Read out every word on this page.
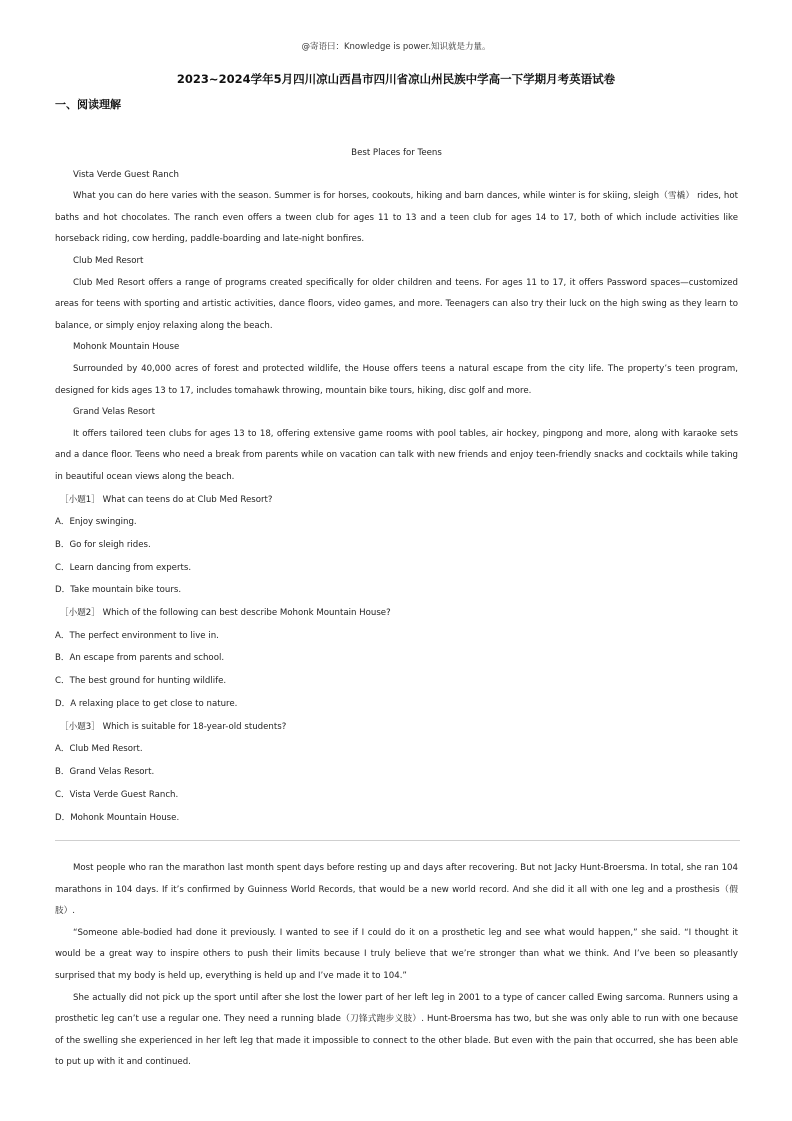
@寄语曰：Knowledge is power.知识就是力量。
2023~2024学年5月四川凉山西昌市四川省凉山州民族中学高一下学期月考英语试卷
一、阅读理解

Best Places for Teens

Vista Verde Guest Ranch

What you can do here varies with the season. Summer is for horses, cookouts, hiking and barn dances, while winter is for skiing, sleigh（雪橇） rides, hot baths and hot chocolates. The ranch even offers a tween club for ages 11 to 13 and a teen club for ages 14 to 17, both of which include activities like horseback riding, cow herding, paddle-boarding and late-night bonfires.

Club Med Resort

Club Med Resort offers a range of programs created specifically for older children and teens. For ages 11 to 17, it offers Password spaces—customized areas for teens with sporting and artistic activities, dance floors, video games, and more. Teenagers can also try their luck on the high swing as they learn to balance, or simply enjoy relaxing along the beach.

Mohonk Mountain House

Surrounded by 40,000 acres of forest and protected wildlife, the House offers teens a natural escape from the city life. The property’s teen program, designed for kids ages 13 to 17, includes tomahawk throwing, mountain bike tours, hiking, disc golf and more.

Grand Velas Resort

It offers tailored teen clubs for ages 13 to 18, offering extensive game rooms with pool tables, air hockey, pingpong and more, along with karaoke sets and a dance floor. Teens who need a break from parents while on vacation can talk with new friends and enjoy teen-friendly snacks and cocktails while taking in beautiful ocean views along the beach.

［小题1］ What can teens do at Club Med Resort?

A．Enjoy swinging.

B．Go for sleigh rides.

C．Learn dancing from experts.

D．Take mountain bike tours.

［小题2］ Which of the following can best describe Mohonk Mountain House?

A．The perfect environment to live in.

B．An escape from parents and school.

C．The best ground for hunting wildlife.

D．A relaxing place to get close to nature.

［小题3］ Which is suitable for 18-year-old students?

A．Club Med Resort.

B．Grand Velas Resort.

C．Vista Verde Guest Ranch.

D．Mohonk Mountain House.

Most people who ran the marathon last month spent days before resting up and days after recovering. But not Jacky Hunt-Broersma. In total, she ran 104 marathons in 104 days. If it’s confirmed by Guinness World Records, that would be a new world record. And she did it all with one leg and a prosthesis（假肢）.

“Someone able-bodied had done it previously. I wanted to see if I could do it on a prosthetic leg and see what would happen,” she said. “I thought it would be a great way to inspire others to push their limits because I truly believe that we’re stronger than what we think. And I’ve been so pleasantly surprised that my body is held up, everything is held up and I’ve made it to 104.”

She actually did not pick up the sport until after she lost the lower part of her left leg in 2001 to a type of cancer called Ewing sarcoma. Runners using a prosthetic leg can’t use a regular one. They need a running blade（刀锋式跑步义肢）. Hunt-Broersma has two, but she was only able to run with one because of the swelling she experienced in her left leg that made it impossible to connect to the other blade. But even with the pain that occurred, she has been able to put up with it and continued.
